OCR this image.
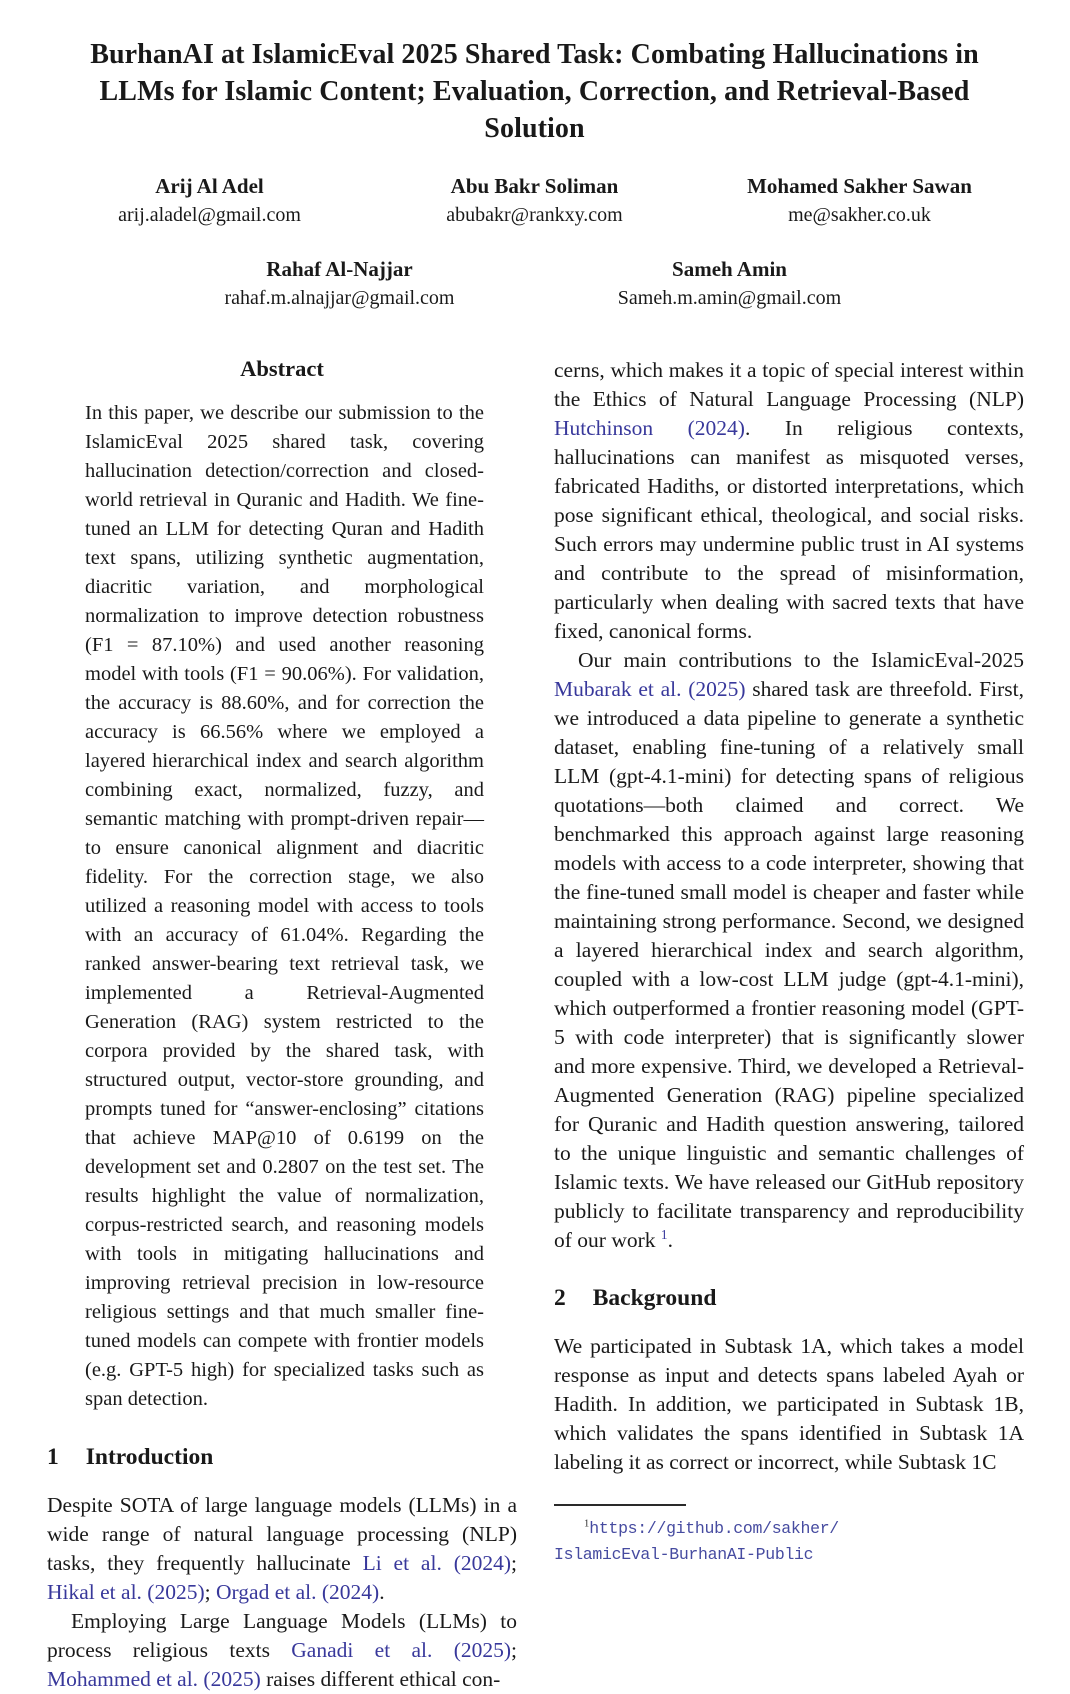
BurhanAI at IslamicEval 2025 Shared Task: Combating Hallucinations in LLMs for Islamic Content; Evaluation, Correction, and Retrieval-Based Solution
Arij Al Adel
arij.aladel@gmail.com
Abu Bakr Soliman
abubakr@rankxy.com
Mohamed Sakher Sawan
me@sakher.co.uk
Rahaf Al-Najjar
rahaf.m.alnajjar@gmail.com
Sameh Amin
Sameh.m.amin@gmail.com
Abstract

In this paper, we describe our submission to the IslamicEval 2025 shared task, covering hallucination detection/correction and closed-world retrieval in Quranic and Hadith. We fine-tuned an LLM for detecting Quran and Hadith text spans, utilizing synthetic augmentation, diacritic variation, and morphological normalization to improve detection robustness (F1 = 87.10%) and used another reasoning model with tools (F1 = 90.06%). For validation, the accuracy is 88.60%, and for correction the accuracy is 66.56% where we employed a layered hierarchical index and search algorithm combining exact, normalized, fuzzy, and semantic matching with prompt-driven repair—to ensure canonical alignment and diacritic fidelity. For the correction stage, we also utilized a reasoning model with access to tools with an accuracy of 61.04%. Regarding the ranked answer-bearing text retrieval task, we implemented a Retrieval-Augmented Generation (RAG) system restricted to the corpora provided by the shared task, with structured output, vector-store grounding, and prompts tuned for “answer-enclosing” citations that achieve MAP@10 of 0.6199 on the development set and 0.2807 on the test set. The results highlight the value of normalization, corpus-restricted search, and reasoning models with tools in mitigating hallucinations and improving retrieval precision in low-resource religious settings and that much smaller fine-tuned models can compete with frontier models (e.g. GPT-5 high) for specialized tasks such as span detection.

1 Introduction

Despite SOTA of large language models (LLMs) in a wide range of natural language processing (NLP) tasks, they frequently hallucinate Li et al. (2024); Hikal et al. (2025); Orgad et al. (2024).

Employing Large Language Models (LLMs) to process religious texts Ganadi et al. (2025); Mohammed et al. (2025) raises different ethical con-

cerns, which makes it a topic of special interest within the Ethics of Natural Language Processing (NLP) Hutchinson (2024). In religious contexts, hallucinations can manifest as misquoted verses, fabricated Hadiths, or distorted interpretations, which pose significant ethical, theological, and social risks. Such errors may undermine public trust in AI systems and contribute to the spread of misinformation, particularly when dealing with sacred texts that have fixed, canonical forms.

Our main contributions to the IslamicEval-2025 Mubarak et al. (2025) shared task are threefold. First, we introduced a data pipeline to generate a synthetic dataset, enabling fine-tuning of a relatively small LLM (gpt-4.1-mini) for detecting spans of religious quotations—both claimed and correct. We benchmarked this approach against large reasoning models with access to a code interpreter, showing that the fine-tuned small model is cheaper and faster while maintaining strong performance. Second, we designed a layered hierarchical index and search algorithm, coupled with a low-cost LLM judge (gpt-4.1-mini), which outperformed a frontier reasoning model (GPT-5 with code interpreter) that is significantly slower and more expensive. Third, we developed a Retrieval-Augmented Generation (RAG) pipeline specialized for Quranic and Hadith question answering, tailored to the unique linguistic and semantic challenges of Islamic texts. We have released our GitHub repository publicly to facilitate transparency and reproducibility of our work $^1$.

2 Background

We participated in Subtask 1A, which takes a model response as input and detects spans labeled Ayah or Hadith. In addition, we participated in Subtask 1B, which validates the spans identified in Subtask 1A labeling it as correct or incorrect, while Subtask 1C

$^1$https://github.com/sakher/
IslamicEval-BurhanAI-Public
